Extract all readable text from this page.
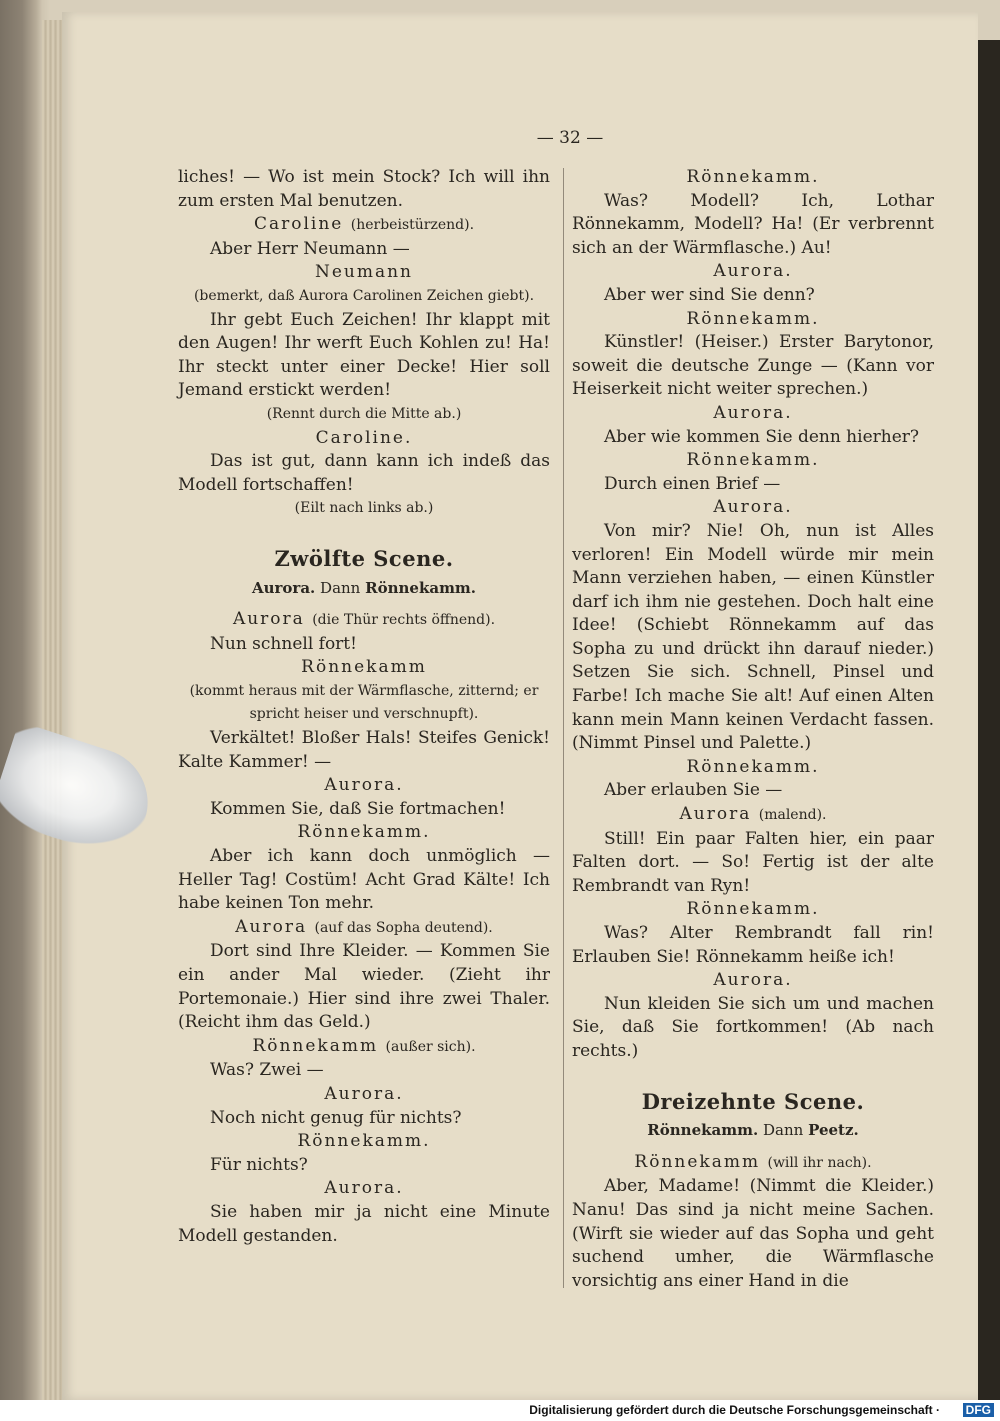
— 32 —

liches! — Wo ist mein Stock? Ich will ihn zum ersten Mal benutzen.

Caroline (herbeistürzend).

Aber Herr Neumann —

Neumann

(bemerkt, daß Aurora Carolinen Zeichen giebt).

Ihr gebt Euch Zeichen! Ihr klappt mit den Augen! Ihr werft Euch Kohlen zu! Ha! Ihr steckt unter einer Decke! Hier soll Jemand erstickt werden!

(Rennt durch die Mitte ab.)

Caroline.

Das ist gut, dann kann ich indeß das Modell fortschaffen!

(Eilt nach links ab.)

Zwölfte Scene.

Aurora. Dann Rönnekamm.

Aurora (die Thür rechts öffnend).

Nun schnell fort!

Rönnekamm

(kommt heraus mit der Wärmflasche, zitternd; er spricht heiser und verschnupft).

Verkältet! Bloßer Hals! Steifes Genick! Kalte Kammer! —

Aurora.

Kommen Sie, daß Sie fortmachen!

Rönnekamm.

Aber ich kann doch unmöglich — Heller Tag! Costüm! Acht Grad Kälte! Ich habe keinen Ton mehr.

Aurora (auf das Sopha deutend).

Dort sind Ihre Kleider. — Kommen Sie ein ander Mal wieder. (Zieht ihr Portemonaie.) Hier sind ihre zwei Thaler. (Reicht ihm das Geld.)

Rönnekamm (außer sich).

Was? Zwei —

Aurora.

Noch nicht genug für nichts?

Rönnekamm.

Für nichts?

Aurora.

Sie haben mir ja nicht eine Minute Modell gestanden.

Rönnekamm.

Was? Modell? Ich, Lothar Rönnekamm, Modell? Ha! (Er verbrennt sich an der Wärmflasche.) Au!

Aurora.

Aber wer sind Sie denn?

Rönnekamm.

Künstler! (Heiser.) Erster Barytonor, soweit die deutsche Zunge — (Kann vor Heiserkeit nicht weiter sprechen.)

Aurora.

Aber wie kommen Sie denn hierher?

Rönnekamm.

Durch einen Brief —

Aurora.

Von mir? Nie! Oh, nun ist Alles verloren! Ein Modell würde mir mein Mann verziehen haben, — einen Künstler darf ich ihm nie gestehen. Doch halt eine Idee! (Schiebt Rönnekamm auf das Sopha zu und drückt ihn darauf nieder.) Setzen Sie sich. Schnell, Pinsel und Farbe! Ich mache Sie alt! Auf einen Alten kann mein Mann keinen Verdacht fassen. (Nimmt Pinsel und Palette.)

Rönnekamm.

Aber erlauben Sie —

Aurora (malend).

Still! Ein paar Falten hier, ein paar Falten dort. — So! Fertig ist der alte Rembrandt van Ryn!

Rönnekamm.

Was? Alter Rembrandt fall rin! Erlauben Sie! Rönnekamm heiße ich!

Aurora.

Nun kleiden Sie sich um und machen Sie, daß Sie fortkommen! (Ab nach rechts.)

Dreizehnte Scene.

Rönnekamm. Dann Peetz.

Rönnekamm (will ihr nach).

Aber, Madame! (Nimmt die Kleider.) Nanu! Das sind ja nicht meine Sachen. (Wirft sie wieder auf das Sopha und geht suchend umher, die Wärmflasche vorsichtig ans einer Hand in die

Digitalisierung gefördert durch die Deutsche Forschungsgemeinschaft · DFG
